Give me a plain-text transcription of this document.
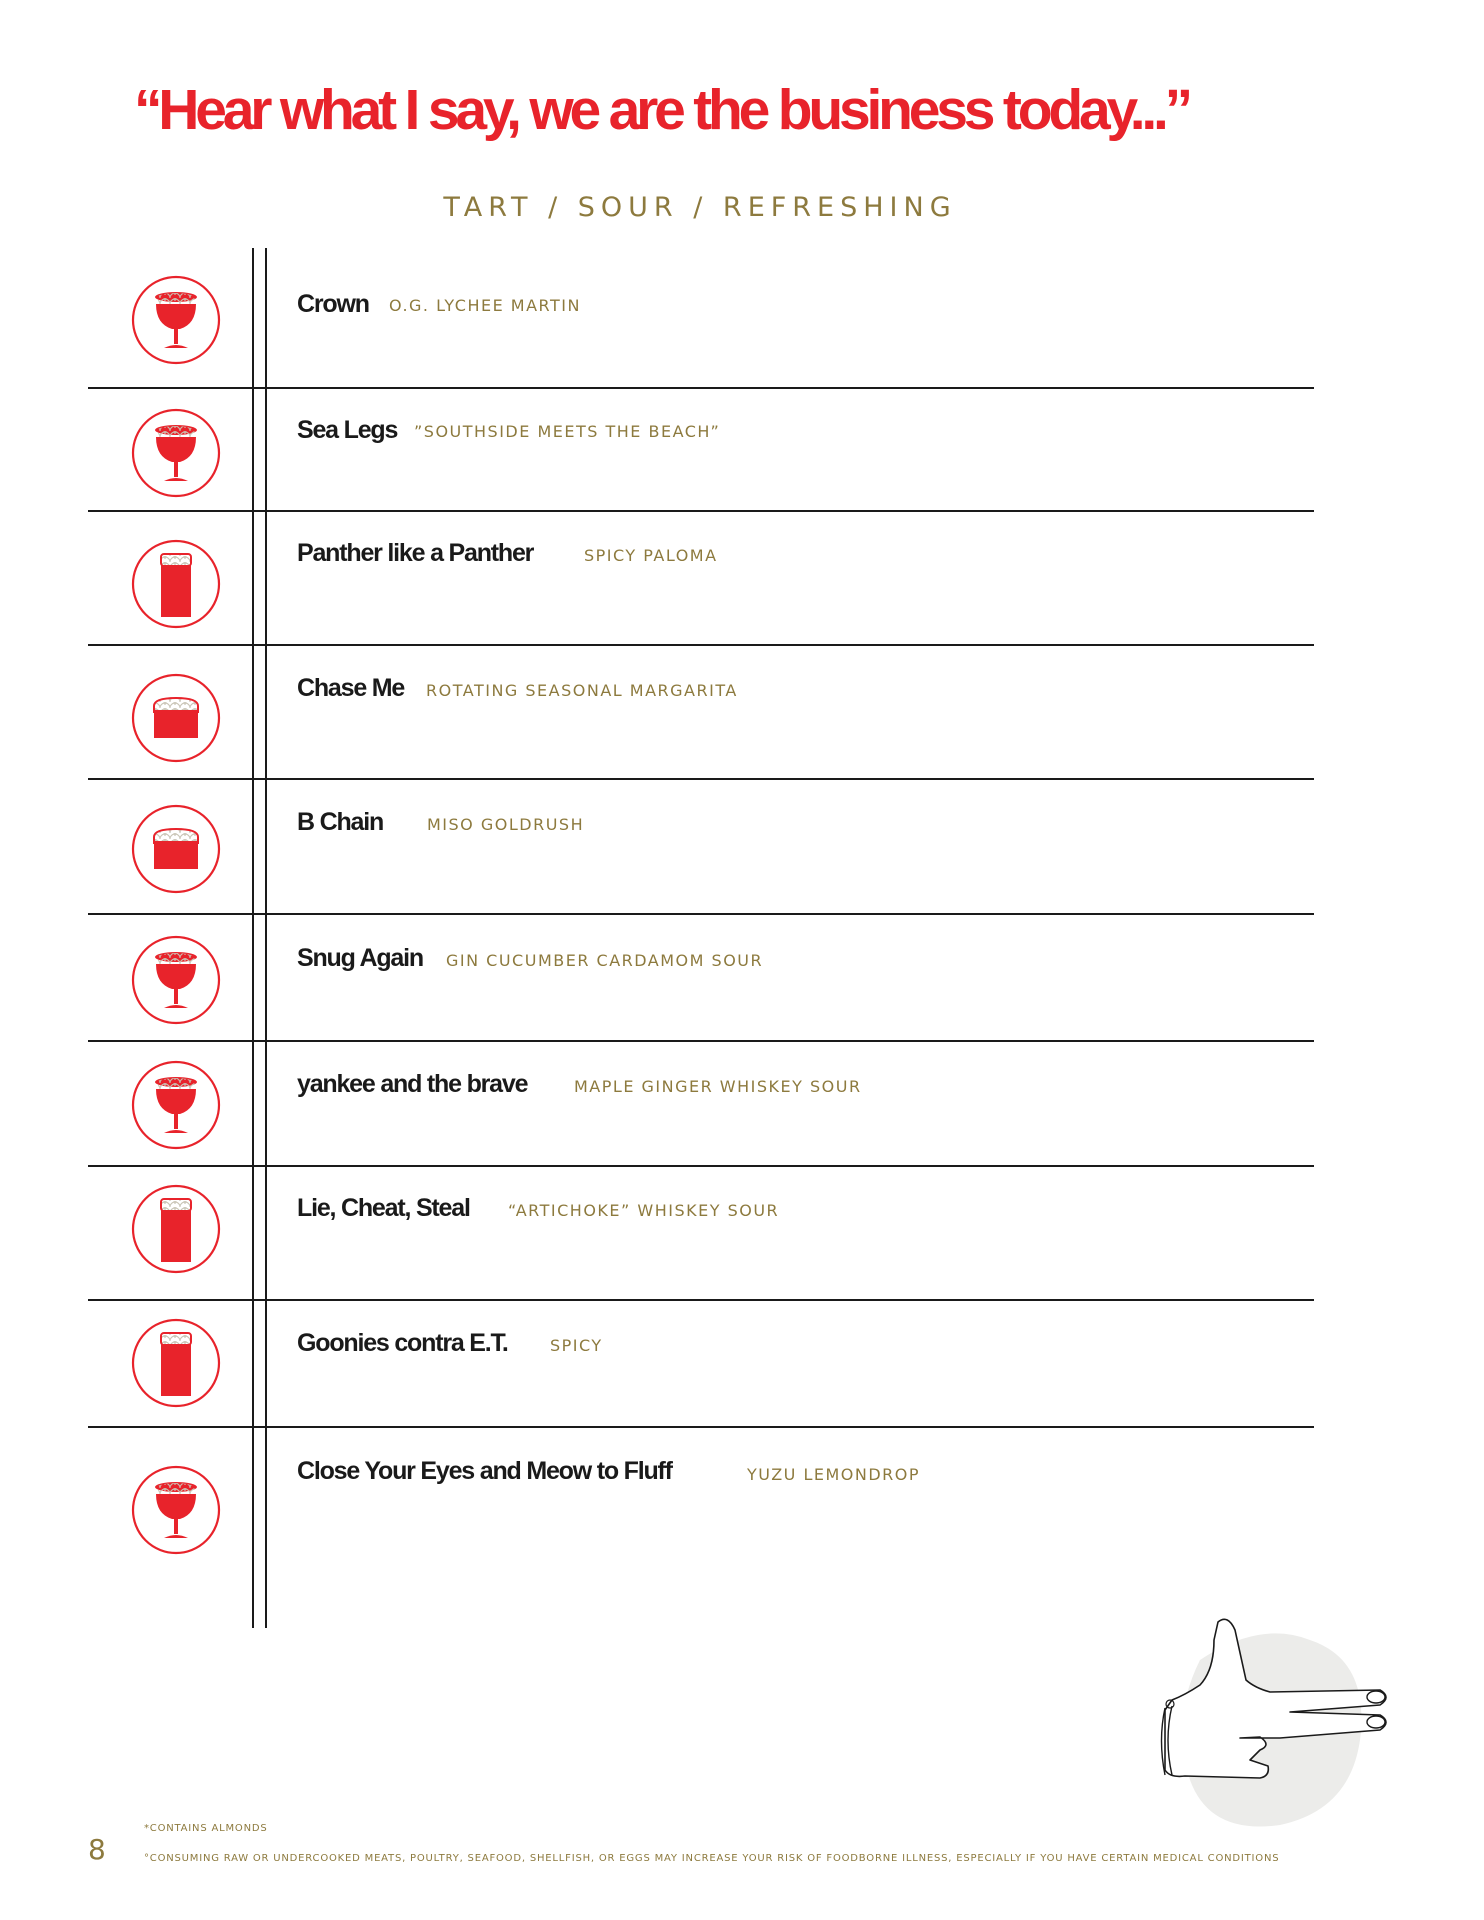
“Hear what I say, we are the business today...”
TART / SOUR / REFRESHING
Crown O.G. LYCHEE MARTIN
Sea Legs ”SOUTHSIDE MEETS THE BEACH”
Panther like a Panther	SPICY PALOMA
Chase Me ROTATING SEASONAL MARGARITA
B Chain	MISO GOLDRUSH
Snug Again GIN CUCUMBER CARDAMOM SOUR
yankee and the brave	MAPLE GINGER WHISKEY SOUR
Lie, Cheat, Steal “ARTICHOKE” WHISKEY SOUR
Goonies contra E.T.	SPICY
Close Your Eyes and Meow to Fluff	YUZU LEMONDROP
*CONTAINS ALMONDS
8	°CONSUMING RAW OR UNDERCOOKED MEATS, POULTRY, SEAFOOD, SHELLFISH, OR EGGS MAY INCREASE YOUR RISK OF FOODBORNE ILLNESS, ESPECIALLY IF YOU HAVE CERTAIN MEDICAL CONDITIONS
